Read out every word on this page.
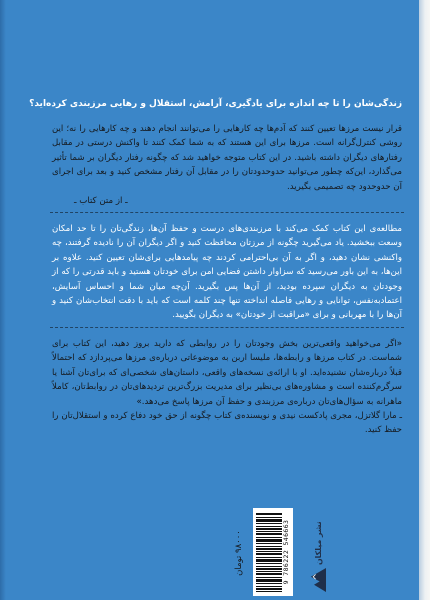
زندگی‌شان را تا چه اندازه برای یادگیری، آرامش، استقلال و رهایی مرزبندی کرده‌اید؟

قرار نیست مرزها تعیین کنند که آدم‌ها چه کارهایی را می‌توانند انجام دهند و چه کارهایی را نه؛ این روشی کنترل‌گرانه است. مرزها برای این هستند که به شما کمک کنند تا واکنش درستی در مقابل رفتارهای دیگران داشته باشید. در این کتاب متوجه خواهید شد که چگونه رفتار دیگران بر شما تأثیر می‌گذارد، این‌که چطور می‌توانید حدوحدودتان را در مقابل آن رفتار مشخص کنید و بعد برای اجرای آن حدوحدود چه تصمیمی بگیرید.

ـ از متن کتاب ـ

مطالعه‌ی این کتاب کمک می‌کند با مرزبندی‌های درست و حفظ آن‌ها، زندگی‌تان را تا حد امکان وسعت ببخشید. یاد می‌گیرید چگونه از مرزتان محافظت کنید و اگر دیگران آن را نادیده گرفتند، چه واکنشی نشان دهید، و اگر به آن بی‌احترامی کردند چه پیامدهایی برای‌شان تعیین کنید. علاوه بر این‌ها، به این باور می‌رسید که سزاوار داشتن فضایی امن برای خودتان هستید و باید قدرتی را که از وجودتان به دیگران سپرده بودید، از آن‌ها پس بگیرید. آن‌چه میان شما و احساس آسایش، اعتمادبه‌نفس، توانایی و رهایی فاصله انداخته تنها چند کلمه است که باید با دقت انتخاب‌شان کنید و آن‌ها را با مهربانی و برای «مراقبت از خودتان» به دیگران بگویید.

«اگر می‌خواهید واقعی‌ترین بخش وجودتان را در روابطی که دارید بروز دهید، این کتاب برای شماست. در کتاب مرزها و رابطه‌ها، ملیسا اربن به موضوعاتی درباره‌ی مرزها می‌پردازد که احتمالاً قبلاً درباره‌شان نشنیده‌اید. او با ارائه‌ی نسخه‌های واقعی، داستان‌های شخصی‌ای که برای‌تان آشنا یا سرگرم‌کننده است و مشاوره‌های بی‌نظیر برای مدیریت بزرگ‌ترین تردیدهای‌تان در روابط‌تان، کاملاً ماهرانه به سؤال‌های‌تان درباره‌ی مرزبندی و حفظ آن مرزها پاسخ می‌دهد.»

ـ مارا گلاتزل، مجری پادکست نیدی و نویسنده‌ی کتاب چگونه از حق خود دفاع کرده و استقلال‌تان را حفظ کنید.

۹۸۰۰۰ تومان	9 786222 546663	نشر میلکان
